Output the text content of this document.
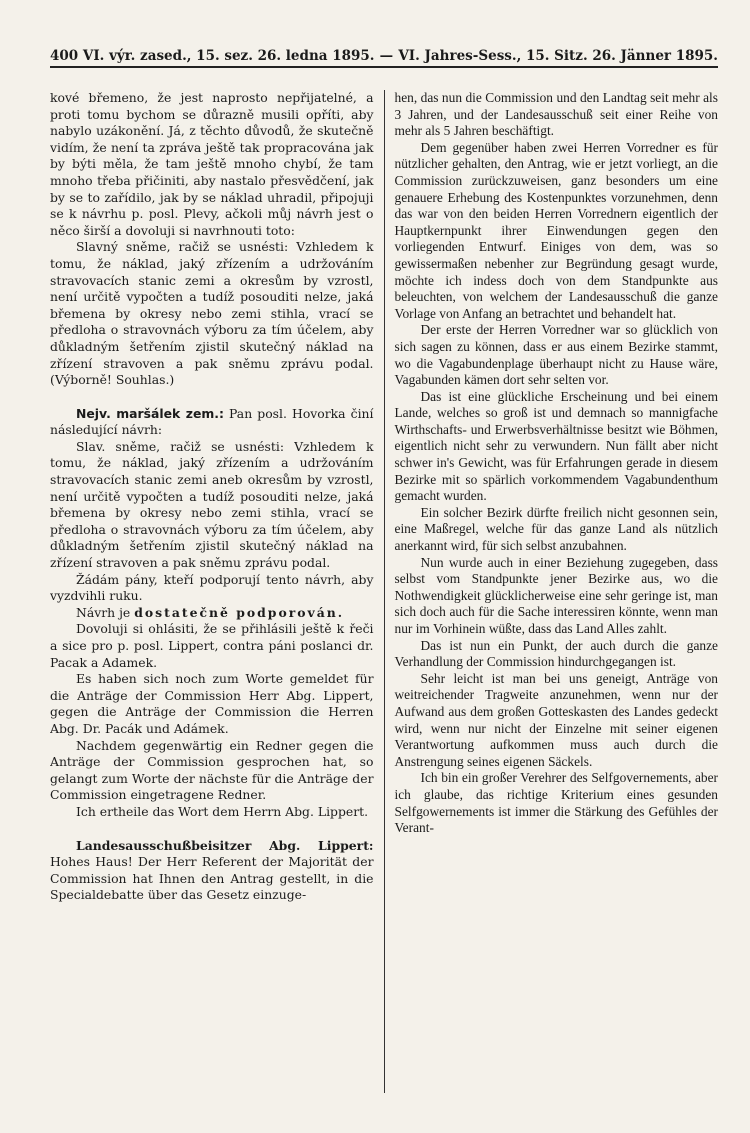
400 VI. výr. zased., 15. sez. 26. ledna 1895. — VI. Jahres-Sess., 15. Sitz. 26. Jänner 1895.

kové břemeno, že jest naprosto nepřijatelné, a proti tomu bychom se důrazně musili opříti, aby nabylo uzákonění. Já, z těchto důvodů, že skutečně vidím, že není ta zpráva ještě tak propracována jak by býti měla, že tam ještě mnoho chybí, že tam mnoho třeba přičiniti, aby nastalo přesvědčení, jak by se to zařídilo, jak by se náklad uhradil, připojuji se k návrhu p. posl. Plevy, ačkoli můj návrh jest o něco širší a dovoluji si navrhnouti toto:

Slavný sněme, račiž se usnésti: Vzhledem k tomu, že náklad, jaký zřízením a udržováním stravovacích stanic zemi a okresům by vzrostl, není určitě vypočten a tudíž posouditi nelze, jaká břemena by okresy nebo zemi stihla, vrací se předloha o stravovnách výboru za tím účelem, aby důkladným šetřením zjistil skutečný náklad na zřízení stravoven a pak sněmu zprávu podal. (Výborně! Souhlas.)

Nejv. maršálek zem.: Pan posl. Hovorka činí následující návrh:

Slav. sněme, račiž se usnésti: Vzhledem k tomu, že náklad, jaký zřízením a udržováním stravovacích stanic zemi aneb okresům by vzrostl, není určitě vypočten a tudíž posouditi nelze, jaká břemena by okresy nebo zemi stihla, vrací se předloha o stravovnách výboru za tím účelem, aby důkladným šetřením zjistil skutečný náklad na zřízení stravoven a pak sněmu zprávu podal.

Žádám pány, kteří podporují tento návrh, aby vyzdvihli ruku.

Návrh je dostatečně podporován.

Dovoluji si ohlásiti, že se přihlásili ještě k řeči a sice pro p. posl. Lippert, contra páni poslanci dr. Pacak a Adamek.

Es haben sich noch zum Worte gemeldet für die Anträge der Commission Herr Abg. Lippert, gegen die Anträge der Commission die Herren Abg. Dr. Pacák und Adámek.

Nachdem gegenwärtig ein Redner gegen die Anträge der Commission gesprochen hat, so gelangt zum Worte der nächste für die Anträge der Commission eingetragene Redner.

Ich ertheile das Wort dem Herrn Abg. Lippert.

Landesausschußbeisitzer Abg. Lippert: Hohes Haus! Der Herr Referent der Majorität der Commission hat Ihnen den Antrag gestellt, in die Specialdebatte über das Gesetz einzuge-

hen, das nun die Commission und den Landtag seit mehr als 3 Jahren, und der Landesausschuß seit einer Reihe von mehr als 5 Jahren beschäftigt.

Dem gegenüber haben zwei Herren Vorredner es für nützlicher gehalten, den Antrag, wie er jetzt vorliegt, an die Commission zurückzuweisen, ganz besonders um eine genauere Erhebung des Kostenpunktes vorzunehmen, denn das war von den beiden Herren Vorrednern eigentlich der Hauptkernpunkt ihrer Einwendungen gegen den vorliegenden Entwurf. Einiges von dem, was so gewissermaßen nebenher zur Begründung gesagt wurde, möchte ich indess doch von dem Standpunkte aus beleuchten, von welchem der Landesausschuß die ganze Vorlage von Anfang an betrachtet und behandelt hat.

Der erste der Herren Vorredner war so glücklich von sich sagen zu können, dass er aus einem Bezirke stammt, wo die Vagabundenplage überhaupt nicht zu Hause wäre, Vagabunden kämen dort sehr selten vor.

Das ist eine glückliche Erscheinung und bei einem Lande, welches so groß ist und demnach so mannigfache Wirthschafts- und Erwerbsverhältnisse besitzt wie Böhmen, eigentlich nicht sehr zu verwundern. Nun fällt aber nicht schwer in's Gewicht, was für Erfahrungen gerade in diesem Bezirke mit so spärlich vorkommendem Vagabundenthum gemacht wurden.

Ein solcher Bezirk dürfte freilich nicht gesonnen sein, eine Maßregel, welche für das ganze Land als nützlich anerkannt wird, für sich selbst anzubahnen.

Nun wurde auch in einer Beziehung zugegeben, dass selbst vom Standpunkte jener Bezirke aus, wo die Nothwendigkeit glücklicherweise eine sehr geringe ist, man sich doch auch für die Sache interessiren könnte, wenn man nur im Vorhinein wüßte, dass das Land Alles zahlt.

Das ist nun ein Punkt, der auch durch die ganze Verhandlung der Commission hindurchgegangen ist.

Sehr leicht ist man bei uns geneigt, Anträge von weitreichender Tragweite anzunehmen, wenn nur der Aufwand aus dem großen Gotteskasten des Landes gedeckt wird, wenn nur nicht der Einzelne mit seiner eigenen Verantwortung aufkommen muss auch durch die Anstrengung seines eigenen Säckels.

Ich bin ein großer Verehrer des Selfgovernements, aber ich glaube, das richtige Kriterium eines gesunden Selfgowernements ist immer die Stärkung des Gefühles der Verant-
